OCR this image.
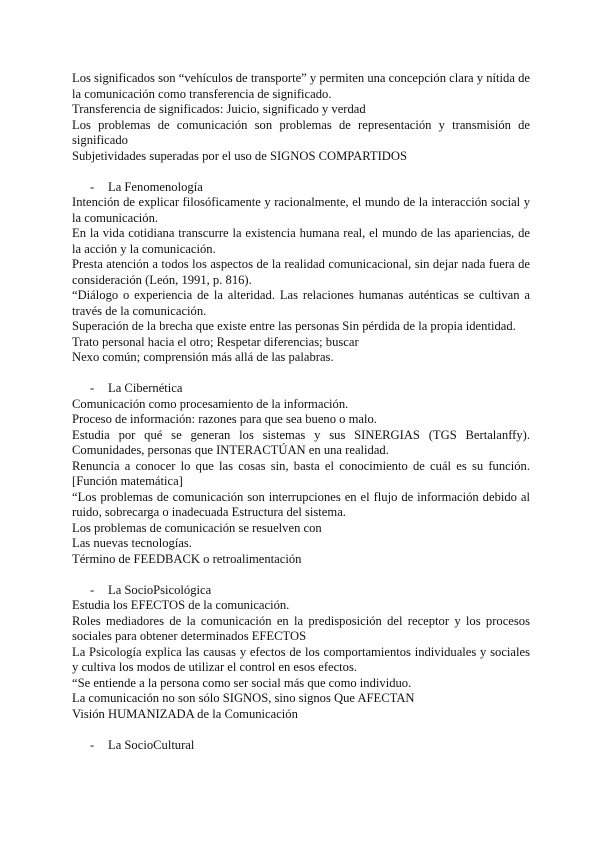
Los significados son “vehículos de transporte” y permiten una concepción clara y nítida de la comunicación como transferencia de significado.

Transferencia de significados: Juicio, significado y verdad

Los problemas de comunicación son problemas de representación y transmisión de significado

Subjetividades superadas por el uso de SIGNOS COMPARTIDOS

-	La Fenomenología

Intención de explicar filosóficamente y racionalmente, el mundo de la interacción social y la comunicación.

En la vida cotidiana transcurre la existencia humana real, el mundo de las apariencias, de la acción y la comunicación.

Presta atención a todos los aspectos de la realidad comunicacional, sin dejar nada fuera de consideración (León, 1991, p. 816).

“Diálogo o experiencia de la alteridad. Las relaciones humanas auténticas se cultivan a través de la comunicación.

Superación de la brecha que existe entre las personas Sin pérdida de la propia identidad.

Trato personal hacia el otro; Respetar diferencias; buscar

Nexo común; comprensión más allá de las palabras.

-	La Cibernética

Comunicación como procesamiento de la información.

Proceso de información: razones para que sea bueno o malo.

Estudia por qué se generan los sistemas y sus SINERGIAS (TGS Bertalanffy). Comunidades, personas que INTERACTÚAN en una realidad.

Renuncia a conocer lo que las cosas sin, basta el conocimiento de cuál es su función. [Función matemática]

“Los problemas de comunicación son interrupciones en el flujo de información debido al ruido, sobrecarga o inadecuada Estructura del sistema.

Los problemas de comunicación se resuelven con

Las nuevas tecnologías.

Término de FEEDBACK o retroalimentación

-	La SocioPsicológica

Estudia los EFECTOS de la comunicación.

Roles mediadores de la comunicación en la predisposición del receptor y los procesos sociales para obtener determinados EFECTOS

La Psicología explica las causas y efectos de los comportamientos individuales y sociales y cultiva los modos de utilizar el control en esos efectos.

“Se entiende a la persona como ser social más que como individuo.

La comunicación no son sólo SIGNOS, sino signos Que AFECTAN

Visión HUMANIZADA de la Comunicación

-	La SocioCultural
